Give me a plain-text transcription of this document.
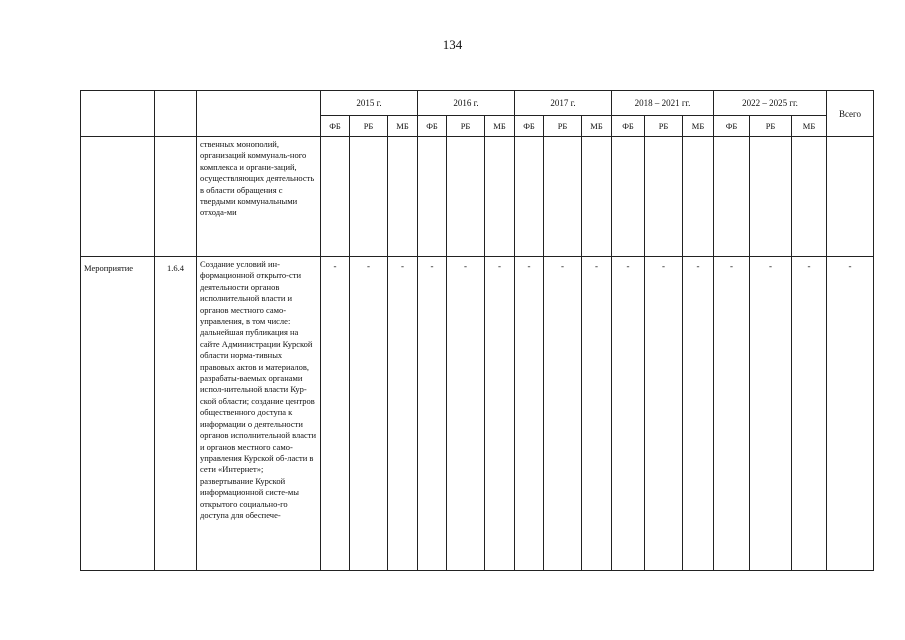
134
			2015 г.			2016 г.			2017 г.			2018 – 2021 гг.			2022 – 2025 гг.			Всего
			ФБ	РБ	МБ	ФБ	РБ	МБ	ФБ	РБ	МБ	ФБ	РБ	МБ	ФБ	РБ	МБ	
		ственных монополий, организаций коммуналь-ного комплекса и органи-заций, осуществляющих деятельность в области обращения с твердыми коммунальными отхода-ми																
Мероприятие	1.6.4	Создание условий ин-формационной открыто-сти деятельности органов исполнительной власти и органов местного само-управления, в том числе: дальнейшая публикация на сайте Администрации Курской области норма-тивных правовых актов и материалов, разрабаты-ваемых органами испол-нительной власти Кур-ской области; создание центров общественного доступа к информации о деятельности органов исполнительной власти и органов местного само-управления Курской об-ласти в сети «Интернет»; развертывание Курской информационной систе-мы открытого социально-го доступа для обеспече-	-	-	-	-	-	-	-	-	-	-	-	-	-	-	-	-
